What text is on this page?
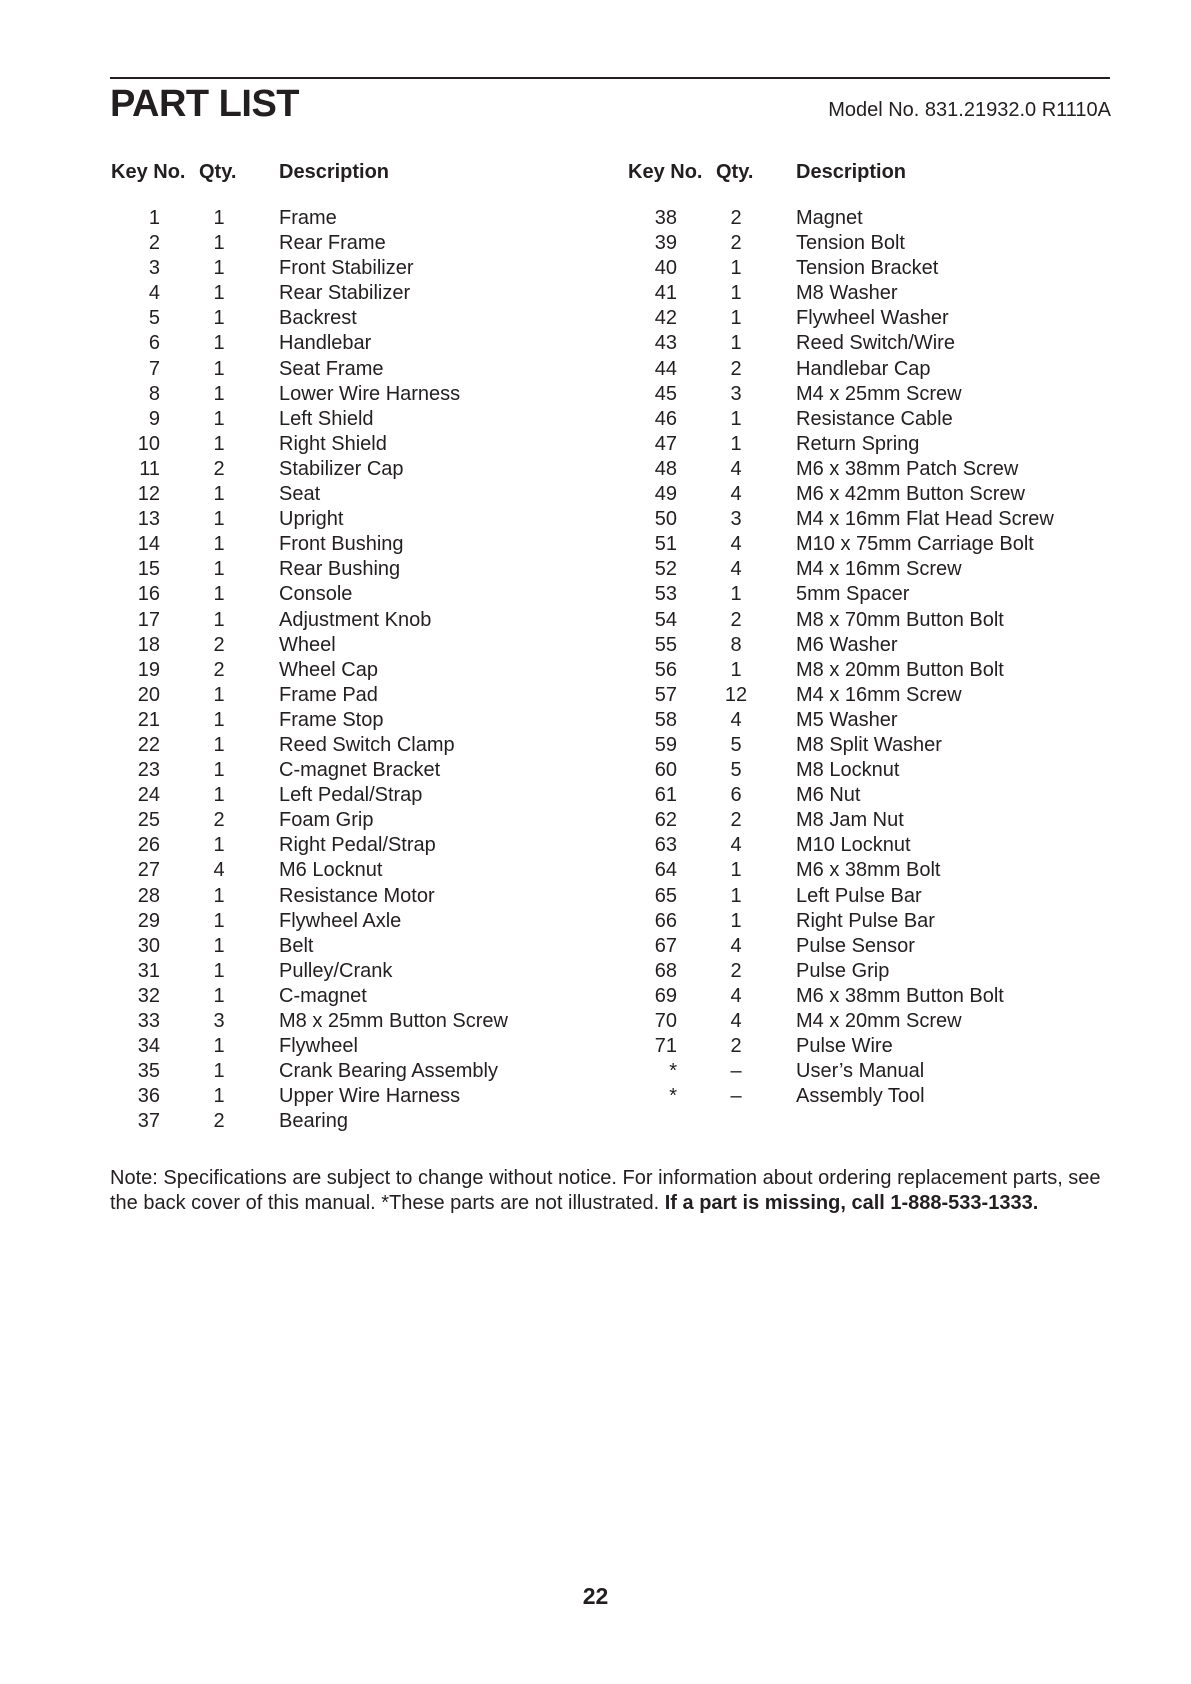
PART LIST	Model No. 831.21932.0 R1110A
Key No. Qty. Description
1	1	Frame
2	1	Rear Frame
3	1	Front Stabilizer
4	1	Rear Stabilizer
5	1	Backrest
6	1	Handlebar
7	1	Seat Frame
8	1	Lower Wire Harness
9	1	Left Shield
10	1	Right Shield
11	2	Stabilizer Cap
12	1	Seat
13	1	Upright
14	1	Front Bushing
15	1	Rear Bushing
16	1	Console
17	1	Adjustment Knob
18	2	Wheel
19	2	Wheel Cap
20	1	Frame Pad
21	1	Frame Stop
22	1	Reed Switch Clamp
23	1	C-magnet Bracket
24	1	Left Pedal/Strap
25	2	Foam Grip
26	1	Right Pedal/Strap
27	4	M6 Locknut
28	1	Resistance Motor
29	1	Flywheel Axle
30	1	Belt
31	1	Pulley/Crank
32	1	C-magnet
33	3	M8 x 25mm Button Screw
34	1	Flywheel
35	1	Crank Bearing Assembly
36	1	Upper Wire Harness
37	2	Bearing
Key No. Qty. Description
38	2	Magnet
39	2	Tension Bolt
40	1	Tension Bracket
41	1	M8 Washer
42	1	Flywheel Washer
43	1	Reed Switch/Wire
44	2	Handlebar Cap
45	3	M4 x 25mm Screw
46	1	Resistance Cable
47	1	Return Spring
48	4	M6 x 38mm Patch Screw
49	4	M6 x 42mm Button Screw
50	3	M4 x 16mm Flat Head Screw
51	4	M10 x 75mm Carriage Bolt
52	4	M4 x 16mm Screw
53	1	5mm Spacer
54	2	M8 x 70mm Button Bolt
55	8	M6 Washer
56	1	M8 x 20mm Button Bolt
57	12	M4 x 16mm Screw
58	4	M5 Washer
59	5	M8 Split Washer
60	5	M8 Locknut
61	6	M6 Nut
62	2	M8 Jam Nut
63	4	M10 Locknut
64	1	M6 x 38mm Bolt
65	1	Left Pulse Bar
66	1	Right Pulse Bar
67	4	Pulse Sensor
68	2	Pulse Grip
69	4	M6 x 38mm Button Bolt
70	4	M4 x 20mm Screw
71	2	Pulse Wire
*	–	User’s Manual
*	–	Assembly Tool
Note: Specifications are subject to change without notice. For information about ordering replacement parts, see the back cover of this manual. *These parts are not illustrated. If a part is missing, call 1-888-533-1333.
22
